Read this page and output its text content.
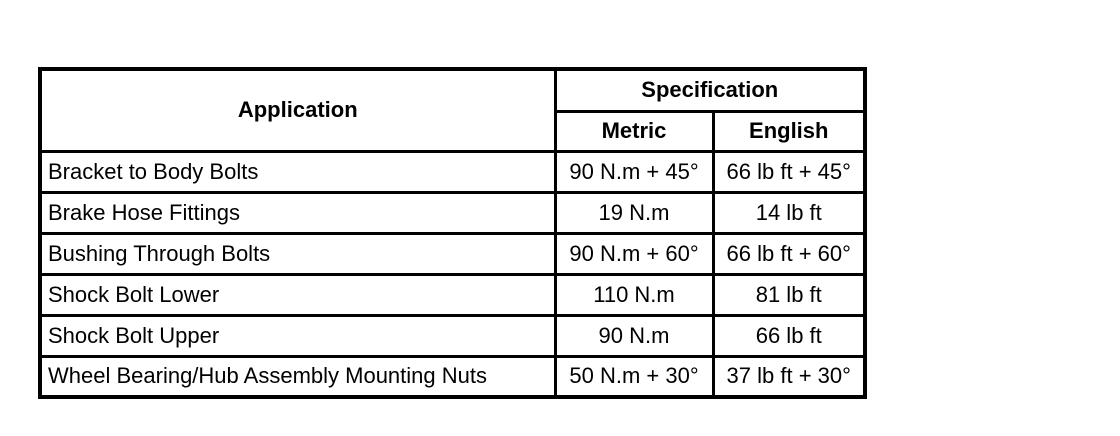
Application	Specification	
	Metric	English
Bracket to Body Bolts	90 N.m + 45°	66 lb ft + 45°
Brake Hose Fittings	19 N.m	14 lb ft
Bushing Through Bolts	90 N.m + 60°	66 lb ft + 60°
Shock Bolt Lower	110 N.m	81 lb ft
Shock Bolt Upper	90 N.m	66 lb ft
Wheel Bearing/Hub Assembly Mounting Nuts	50 N.m + 30°	37 lb ft + 30°
